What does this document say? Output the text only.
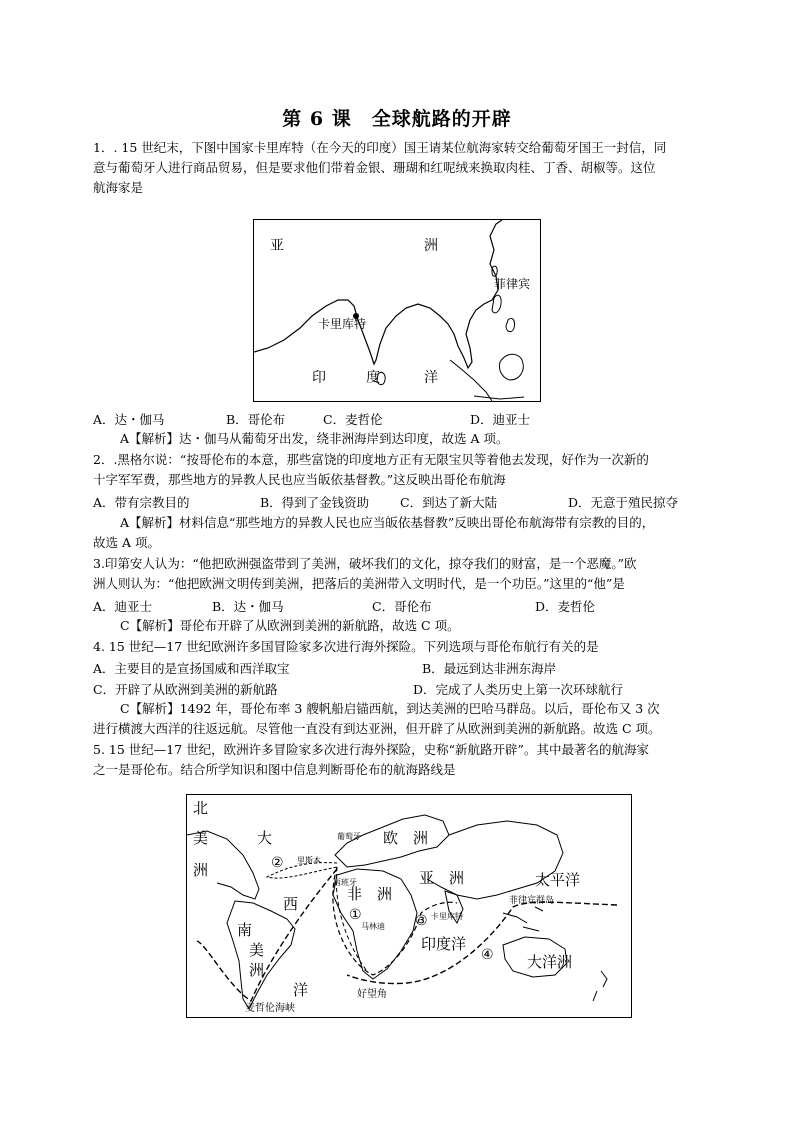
第 6 课　全球航路的开辟
1．. 15 世纪末，下图中国家卡里库特（在今天的印度）国王请某位航海家转交给葡萄牙国王一封信，同
意与葡萄牙人进行商品贸易，但是要求他们带着金银、珊瑚和红呢绒来换取肉桂、丁香、胡椒等。这位
航海家是
亚	洲
菲律宾
卡里库特
印	度	洋
A．达・伽马	B．哥伦布	C．麦哲伦	D．迪亚士
A【解析】达・伽马从葡萄牙出发，绕非洲海岸到达印度，故选 A 项。
2．.黑格尔说：“按哥伦布的本意，那些富饶的印度地方正有无限宝贝等着他去发现，好作为一次新的
十字军军费，那些地方的异教人民也应当皈依基督教。”这反映出哥伦布航海
A．带有宗教目的	B．得到了金钱资助 C．到达了新大陆	D．无意于殖民掠夺
A【解析】材料信息“那些地方的异教人民也应当皈依基督教”反映出哥伦布航海带有宗教的目的，
故选 A 项。
3.印第安人认为：“他把欧洲强盗带到了美洲，破坏我们的文化，掠夺我们的财富，是一个恶魔。”欧
洲人则认为：“他把欧洲文明传到美洲，把落后的美洲带入文明时代，是一个功臣。”这里的“他”是
A．迪亚士	B．达・伽马	C．哥伦布	D．麦哲伦
C【解析】哥伦布开辟了从欧洲到美洲的新航路，故选 C 项。
4. 15 世纪—17 世纪欧洲许多国冒险家多次进行海外探险。下列选项与哥伦布航行有关的是
A．主要目的是宣扬国威和西洋取宝	B．最远到达非洲东海岸
C．开辟了从欧洲到美洲的新航路	D．完成了人类历史上第一次环球航行
C【解析】1492 年，哥伦布率 3 艘帆船启锚西航，到达美洲的巴哈马群岛。以后，哥伦布又 3 次
进行横渡大西洋的往返远航。尽管他一直没有到达亚洲，但开辟了从欧洲到美洲的新航路。故选 C 项。
5. 15 世纪—17 世纪，欧洲许多冒险家多次进行海外探险，史称“新航路开辟”。其中最著名的航海家
之一是哥伦布。结合所学知识和图中信息判断哥伦布的航海路线是
北
美
洲
大
西
洋
欧　洲
葡萄牙
里斯本
西班牙
非　洲
亚　洲	太平洋
菲律宾群岛
南
美
洲
卡里库特
马林迪
印度洋
大洋洲
好望角
麦哲伦海峡
①
②
③
④
